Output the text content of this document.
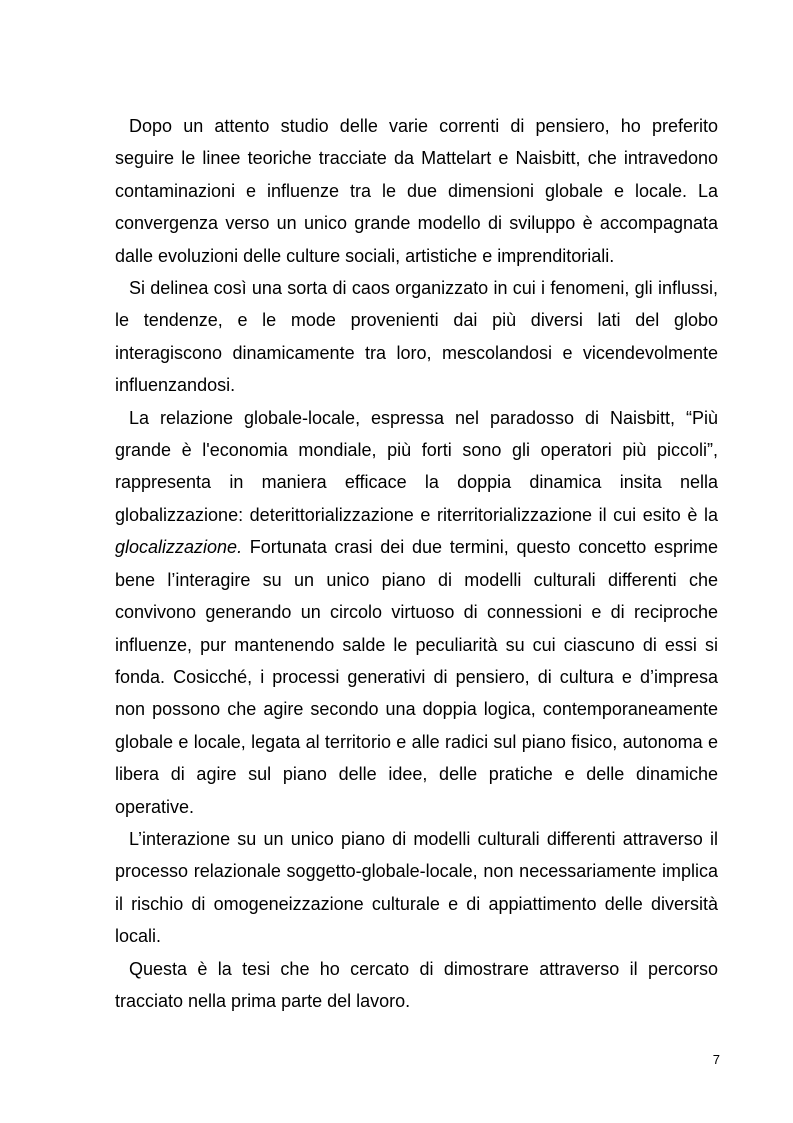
Dopo un attento studio delle varie correnti di pensiero, ho preferito seguire le linee teoriche tracciate da Mattelart e Naisbitt, che intravedono contaminazioni e influenze tra le due dimensioni globale e locale. La convergenza verso un unico grande modello di sviluppo è accompagnata dalle evoluzioni delle culture sociali, artistiche e imprenditoriali.

Si delinea così una sorta di caos organizzato in cui i fenomeni, gli influssi, le tendenze, e le mode provenienti dai più diversi lati del globo interagiscono dinamicamente tra loro, mescolandosi e vicendevolmente influenzandosi.

La relazione globale-locale, espressa nel paradosso di Naisbitt, “Più grande è l'economia mondiale, più forti sono gli operatori più piccoli”, rappresenta in maniera efficace la doppia dinamica insita nella globalizzazione: deterittorializzazione e riterritorializzazione il cui esito è la glocalizzazione. Fortunata crasi dei due termini, questo concetto esprime bene l’interagire su un unico piano di modelli culturali differenti che convivono generando un circolo virtuoso di connessioni e di reciproche influenze, pur mantenendo salde le peculiarità su cui ciascuno di essi si fonda. Cosicché, i processi generativi di pensiero, di cultura e d’impresa non possono che agire secondo una doppia logica, contemporaneamente globale e locale, legata al territorio e alle radici sul piano fisico, autonoma e libera di agire sul piano delle idee, delle pratiche e delle dinamiche operative.

L’interazione su un unico piano di modelli culturali differenti attraverso il processo relazionale soggetto-globale-locale, non necessariamente implica il rischio di omogeneizzazione culturale e di appiattimento delle diversità locali.

Questa è la tesi che ho cercato di dimostrare attraverso il percorso tracciato nella prima parte del lavoro.

7
